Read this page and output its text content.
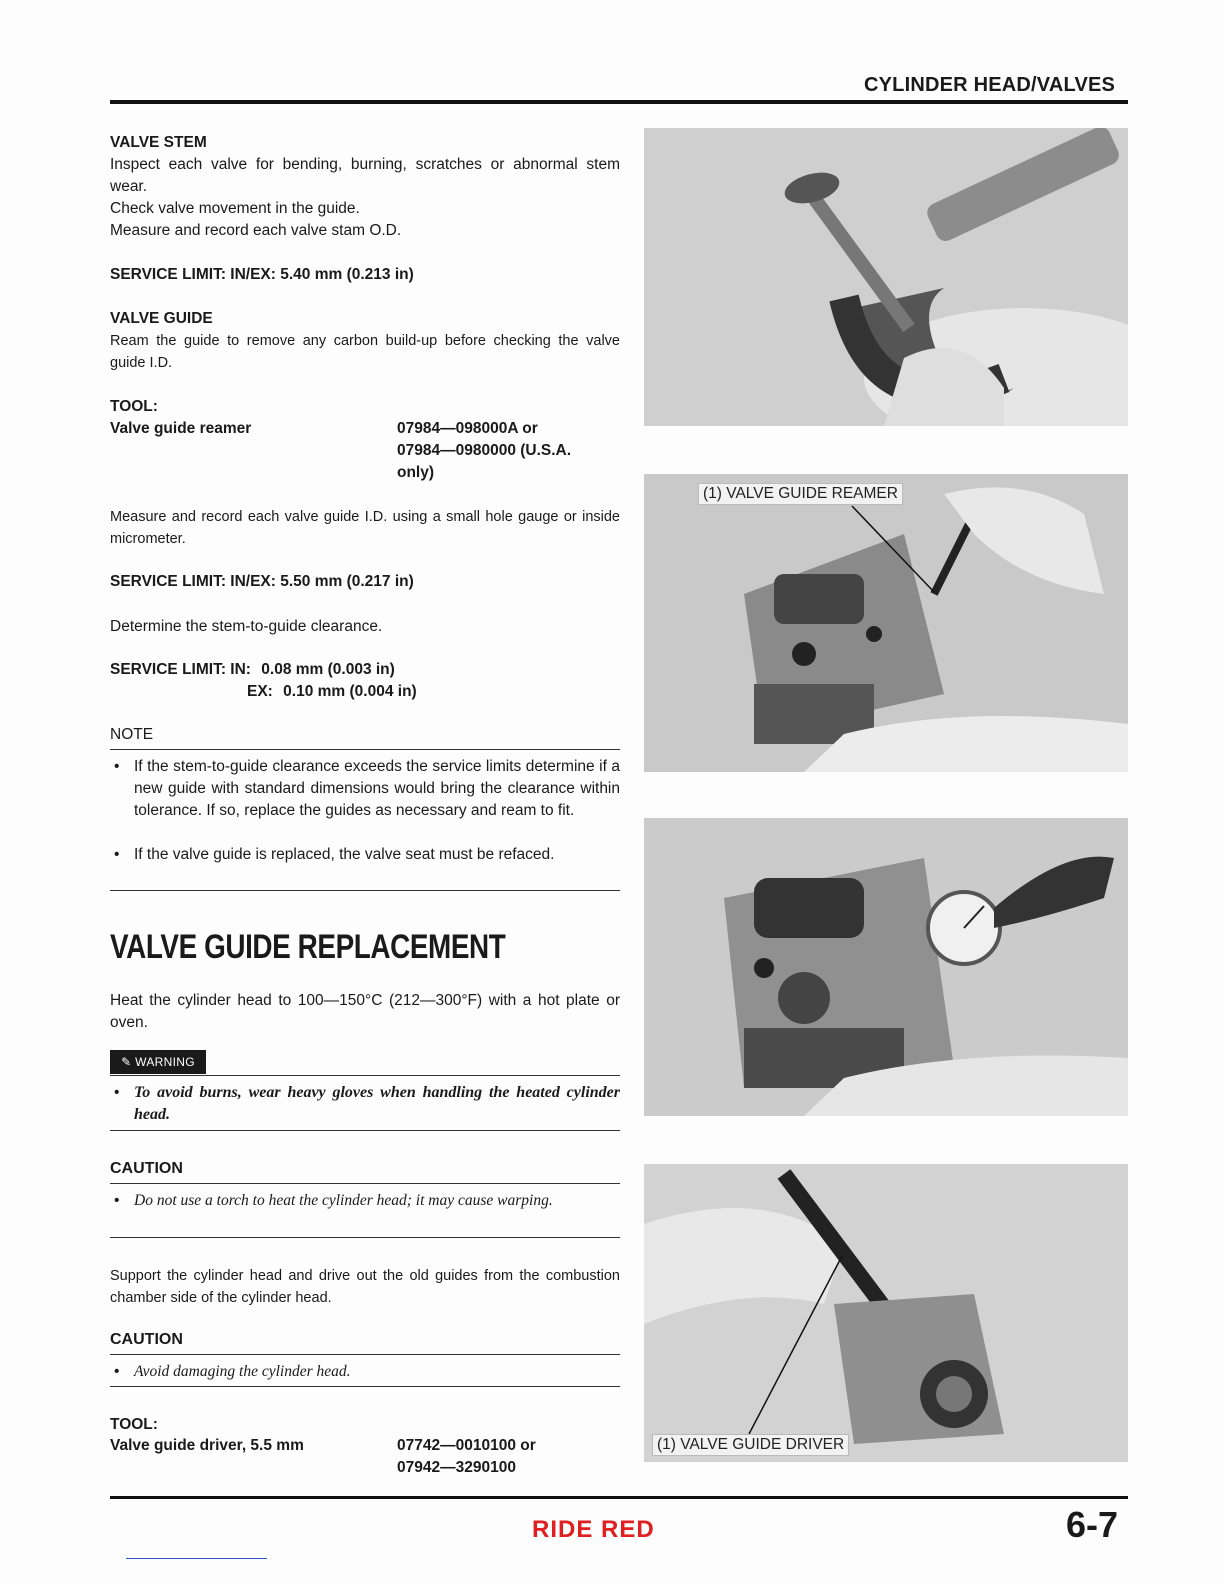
CYLINDER HEAD/VALVES
VALVE STEM

Inspect each valve for bending, burning, scratches or abnormal stem wear.

Check valve movement in the guide.

Measure and record each valve stam O.D.

SERVICE LIMIT: IN/EX: 5.40 mm (0.213 in)
VALVE GUIDE

Ream the guide to remove any carbon build-up before checking the valve guide I.D.

TOOL:
Valve guide reamer	07984—098000A or
07984—0980000 (U.S.A.
only)
Measure and record each valve guide I.D. using a small hole gauge or inside micrometer.
SERVICE LIMIT: IN/EX: 5.50 mm (0.217 in)
Determine the stem-to-guide clearance.
SERVICE LIMIT: IN: 0.08 mm (0.003 in)
EX: 0.10 mm (0.004 in)
NOTE
• If the stem-to-guide clearance exceeds the service limits determine if a new guide with standard dimensions would bring the clearance within tolerance. If so, replace the guides as necessary and ream to fit.
• If the valve guide is replaced, the valve seat must be refaced.
VALVE GUIDE REPLACEMENT
Heat the cylinder head to 100—150°C (212—300°F) with a hot plate or oven.
✎ WARNING
• To avoid burns, wear heavy gloves when handling the heated cylinder head.
CAUTION
• Do not use a torch to heat the cylinder head; it may cause warping.
Support the cylinder head and drive out the old guides from the combustion chamber side of the cylinder head.
CAUTION
• Avoid damaging the cylinder head.
TOOL:
Valve guide driver, 5.5 mm	07742—0010100 or
07942—3290100
(1) VALVE GUIDE REAMER
(1) VALVE GUIDE DRIVER
RIDE RED	6-7
